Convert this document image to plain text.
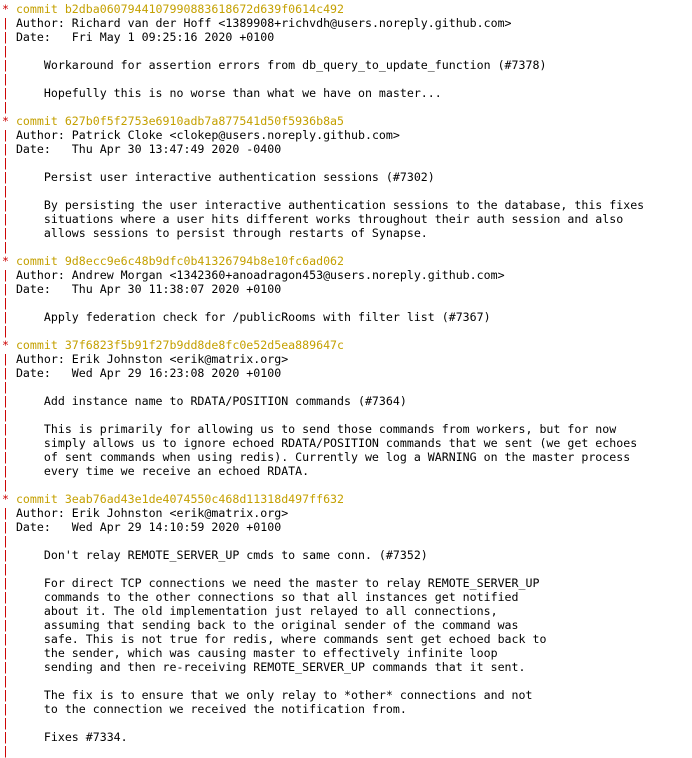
* commit b2dba0607944107990883618672d639f0614c492
| Author: Richard van der Hoff <1389908+richvdh@users.noreply.github.com>
| Date: Fri May 1 09:25:16 2020 +0100
|
|	Workaround for assertion errors from db_query_to_update_function (#7378)
|
|	Hopefully this is no worse than what we have on master...
|
* commit 627b0f5f2753e6910adb7a877541d50f5936b8a5
| Author: Patrick Cloke <clokep@users.noreply.github.com>
| Date: Thu Apr 30 13:47:49 2020 -0400
|
|	Persist user interactive authentication sessions (#7302)
|
|	By persisting the user interactive authentication sessions to the database, this fixes
|	situations where a user hits different works throughout their auth session and also
|	allows sessions to persist through restarts of Synapse.
|
* commit 9d8ecc9e6c48b9dfc0b41326794b8e10fc6ad062
| Author: Andrew Morgan <1342360+anoadragon453@users.noreply.github.com>
| Date: Thu Apr 30 11:38:07 2020 +0100
|
|	Apply federation check for /publicRooms with filter list (#7367)
|
* commit 37f6823f5b91f27b9dd8de8fc0e52d5ea889647c
| Author: Erik Johnston <erik@matrix.org>
| Date: Wed Apr 29 16:23:08 2020 +0100
|
|	Add instance name to RDATA/POSITION commands (#7364)
|
|	This is primarily for allowing us to send those commands from workers, but for now
|	simply allows us to ignore echoed RDATA/POSITION commands that we sent (we get echoes
|	of sent commands when using redis). Currently we log a WARNING on the master process
|	every time we receive an echoed RDATA.
|
* commit 3eab76ad43e1de4074550c468d11318d497ff632
| Author: Erik Johnston <erik@matrix.org>
| Date: Wed Apr 29 14:10:59 2020 +0100
|
|	Don't relay REMOTE_SERVER_UP cmds to same conn. (#7352)
|
|	For direct TCP connections we need the master to relay REMOTE_SERVER_UP
|	commands to the other connections so that all instances get notified
|	about it. The old implementation just relayed to all connections,
|	assuming that sending back to the original sender of the command was
|	safe. This is not true for redis, where commands sent get echoed back to
|	the sender, which was causing master to effectively infinite loop
|	sending and then re-receiving REMOTE_SERVER_UP commands that it sent.
|
|	The fix is to ensure that we only relay to *other* connections and not
|	to the connection we received the notification from.
|
|	Fixes #7334.
|
